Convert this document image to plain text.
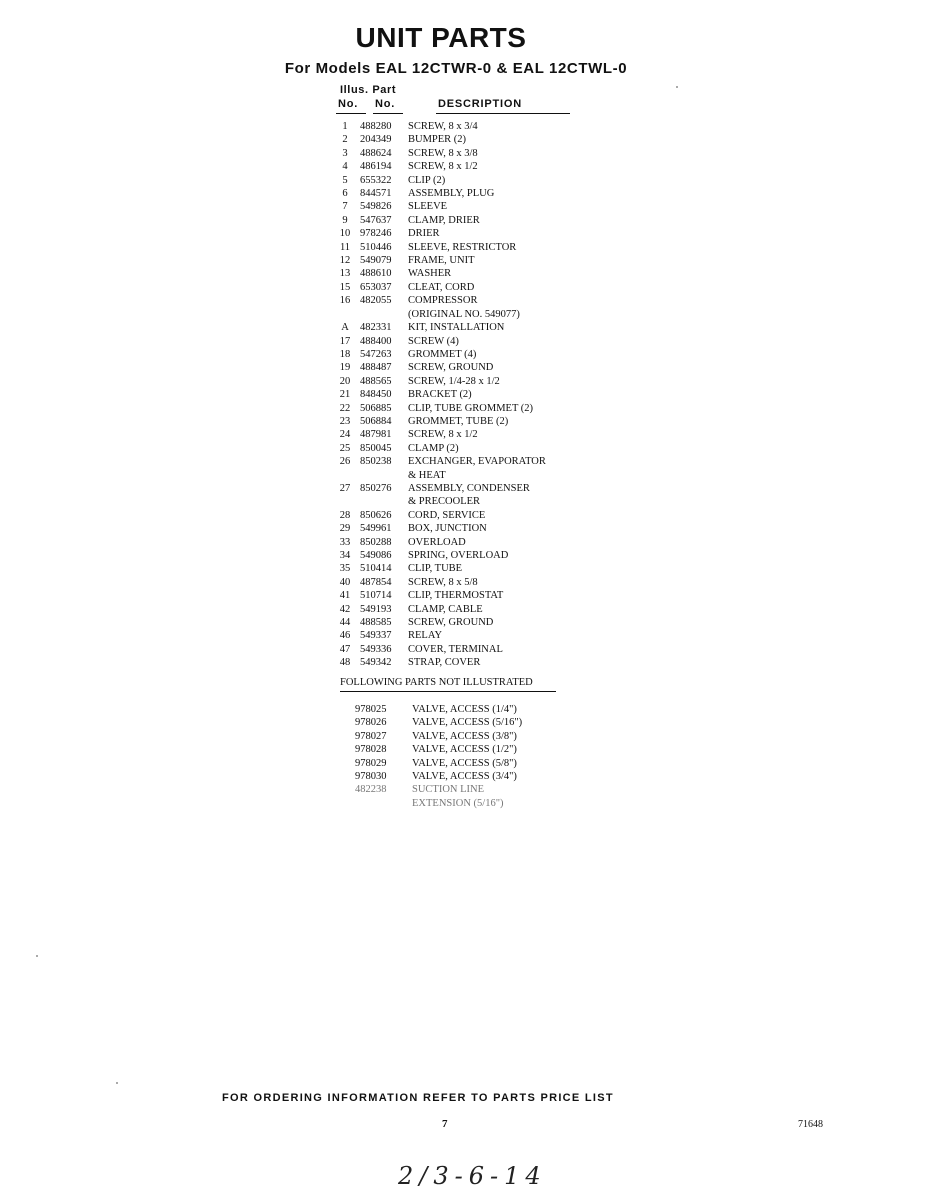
UNIT PARTS
For Models EAL 12CTWR-0 & EAL 12CTWL-0
Illus. Part
No. No.	DESCRIPTION
1	488280	SCREW, 8 x 3/4
2	204349	BUMPER (2)
3	488624	SCREW, 8 x 3/8
4	486194	SCREW, 8 x 1/2
5	655322	CLIP (2)
6	844571	ASSEMBLY, PLUG
7	549826	SLEEVE
9	547637	CLAMP, DRIER
10 978246	DRIER
11 510446	SLEEVE, RESTRICTOR
12 549079	FRAME, UNIT
13 488610	WASHER
15 653037	CLEAT, CORD
16 482055	COMPRESSOR
(ORIGINAL NO. 549077)
A	482331	KIT, INSTALLATION
17 488400	SCREW (4)
18 547263	GROMMET (4)
19 488487	SCREW, GROUND
20 488565	SCREW, 1/4-28 x 1/2
21 848450	BRACKET (2)
22 506885	CLIP, TUBE GROMMET (2)
23 506884	GROMMET, TUBE (2)
24 487981	SCREW, 8 x 1/2
25 850045	CLAMP (2)
26 850238	EXCHANGER, EVAPORATOR
& HEAT
27 850276	ASSEMBLY, CONDENSER
& PRECOOLER
28 850626	CORD, SERVICE
29 549961	BOX, JUNCTION
33 850288	OVERLOAD
34 549086	SPRING, OVERLOAD
35 510414	CLIP, TUBE
40 487854	SCREW, 8 x 5/8
41 510714	CLIP, THERMOSTAT
42 549193	CLAMP, CABLE
44 488585	SCREW, GROUND
46 549337	RELAY
47 549336	COVER, TERMINAL
48 549342	STRAP, COVER
FOLLOWING PARTS NOT ILLUSTRATED
978025	VALVE, ACCESS (1/4")
978026	VALVE, ACCESS (5/16")
978027	VALVE, ACCESS (3/8")
978028	VALVE, ACCESS (1/2")
978029	VALVE, ACCESS (5/8")
978030	VALVE, ACCESS (3/4")
482238	SUCTION LINE
EXTENSION (5/16")
FOR ORDERING INFORMATION REFER TO PARTS PRICE LIST
7	71648
2/3-6-14
